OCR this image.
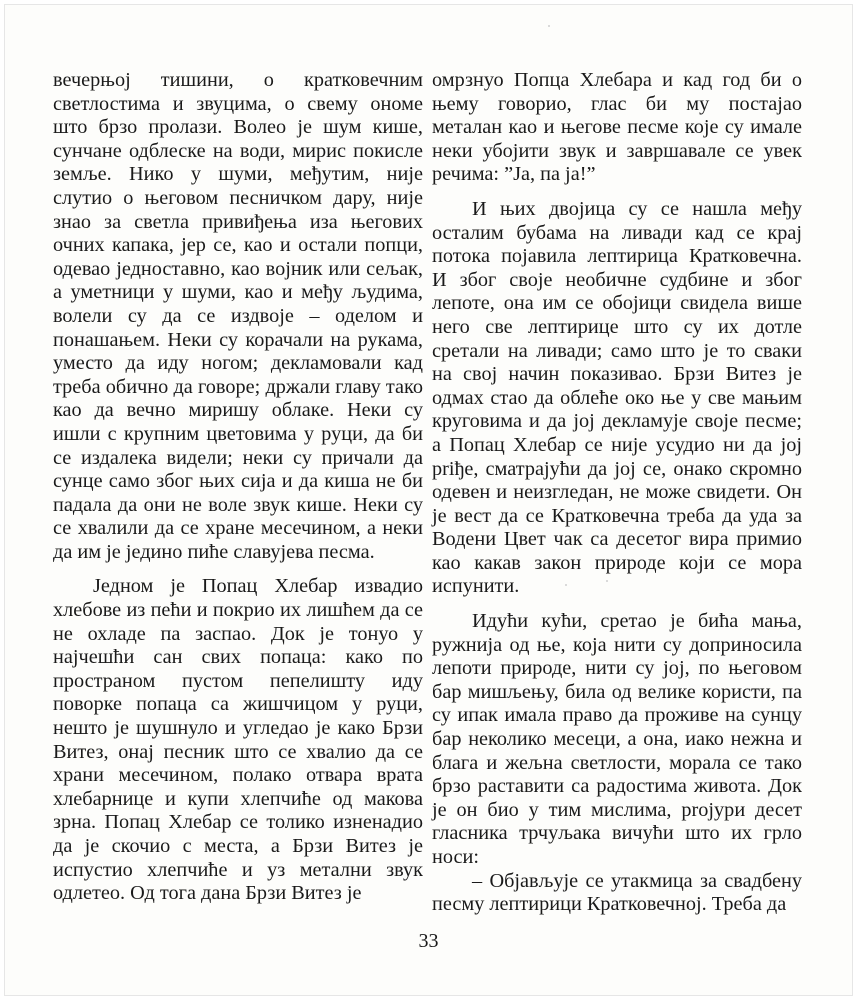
вечерњој тишини, о кратковечним светлостима и звуцима, о свему ономе што брзо пролази. Волео је шум кише, сунчане одблеске на води, мирис покисле земље. Нико у шуми, међутим, није слутио о његовом песничком дару, није знао за светла привиђења иза његових очних капака, јер се, као и остали попци, одевао једноставно, као војник или сељак, а уметници у шуми, као и међу људима, волели су да се издвоје – оделом и понашањем. Неки су корачали на рукама, уместо да иду ногом; декламовали кад треба обично да говоре; држали главу тако као да вечно миришу облаке. Неки су ишли с крупним цветовима у руци, да би се издалека видели; неки су причали да сунце само због њих сија и да киша не би падала да они не воле звук кише. Неки су се хвалили да се хране месечином, а неки да им је једино пиће славујева песма.

Једном је Попац Хлебар извадио хлебове из пећи и покрио их лишћем да се не охладе па заспао. Док је тонуо у најчешћи сан свих попаца: како по пространом пустом пепелишту иду поворке попаца са жишчицом у руци, нешто је шушнуло и угледао је како Брзи Витез, онај песник што се хвалио да се храни месечином, полако отвара врата хлебарнице и купи хлепчиће од макова зрна. Попац Хлебар се толико изненадио да је скочио с места, а Брзи Витез је испустио хлепчиће и уз метални звук одлетео. Од тога дана Брзи Витез је

омрзнуо Попца Хлебара и кад год би о њему говорио, глас би му постајао металан као и његове песме које су имале неки убојити звук и завршавале се увек речима: ”Ја, па ја!”

И њих двојица су се нашла међу осталим бубама на ливади кад се крај потока појавила лептирица Кратковечна. И због своје необичне судбине и због лепоте, она им се обојици свидела више него све лептирице што су их дотле сретали на ливади; само што је то сваки на свој начин показивао. Брзи Витез је одмах стао да облеће око ње у све мањим круговима и да јој декламује своје песме; а Попац Хлебар се није усудио ни да јој priђе, сматрајући да јој се, онако скромно одевен и неизгледан, не може свидети. Он је вест да се Кратковечна треба да уда за Водени Цвет чак са десетог вира примио као какав закон природе који се мора испунити.

Идући кући, сретао је бића мања, ружнија од ње, која нити су доприносила лепоти природе, нити су јој, по његовом бар мишљењу, била од велике користи, па су ипак имала право да проживе на сунцу бар неколико месеци, а она, иако нежна и блага и жељна светлости, морала се тако брзо раставити са радостима живота. Док је он био у тим мислима, projури десет гласника трчуљака вичући што их грло носи:

– Објављује се утакмица за свадбену песму лептирици Кратковечној. Треба да

33
